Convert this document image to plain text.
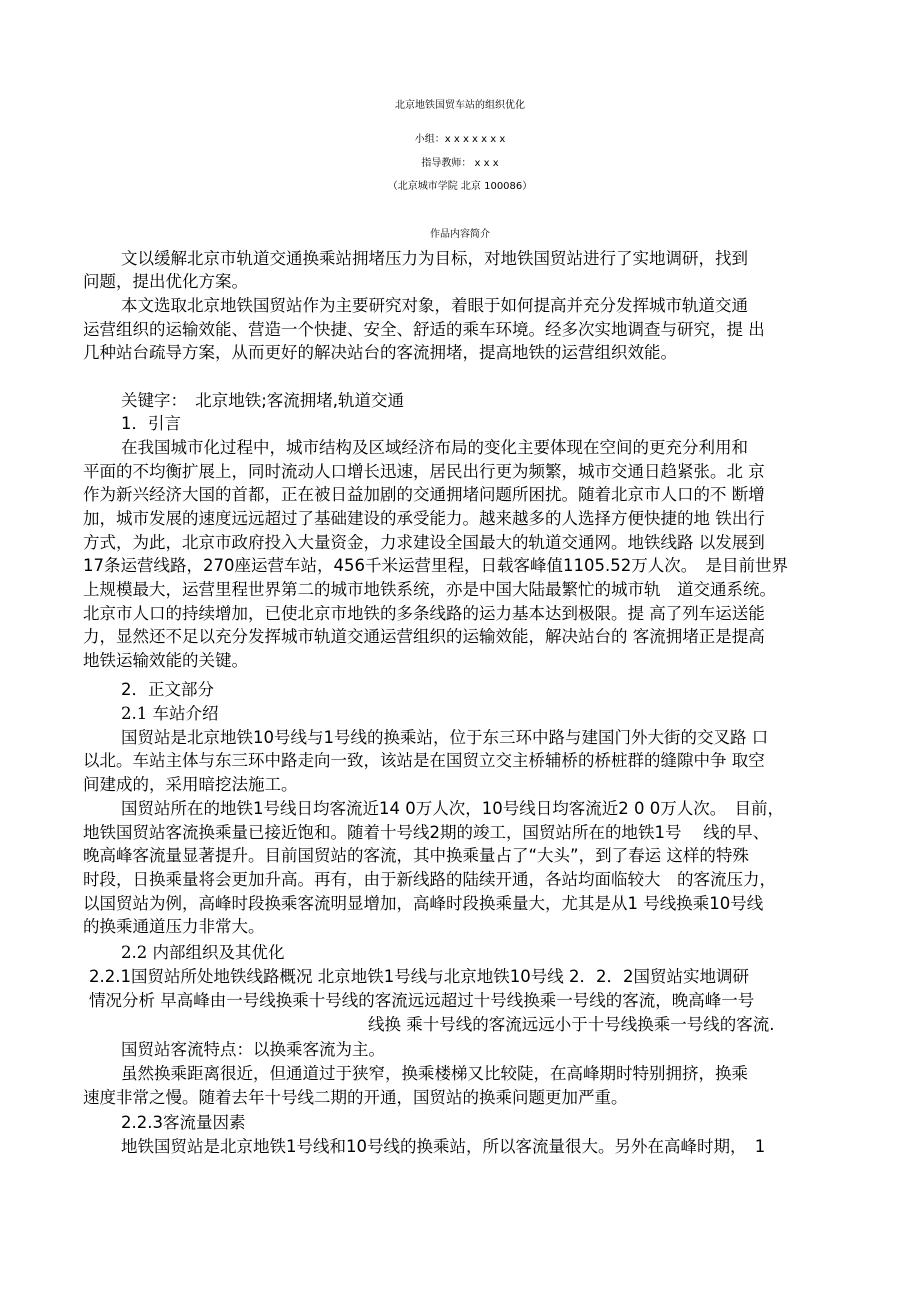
北京地铁国贸车站的组织优化
小组：x x x x x x x
指导教师： x x x
（北京城市学院 北京 100086）
作品内容简介
文以缓解北京市轨道交通换乘站拥堵压力为目标，对地铁国贸站进行了实地调研，找到
问题，提出优化方案。
本文选取北京地铁国贸站作为主要研究对象，着眼于如何提高并充分发挥城市轨道交通
运营组织的运输效能、营造一个快捷、安全、舒适的乘车环境。经多次实地调查与研究，提 出
几种站台疏导方案，从而更好的解决站台的客流拥堵，提高地铁的运营组织效能。
关键字：　北京地铁;客流拥堵,轨道交通
1．引言
在我国城市化过程中，城市结构及区域经济布局的变化主要体现在空间的更充分利用和
平面的不均衡扩展上，同时流动人口增长迅速，居民出行更为频繁，城市交通日趋紧张。北 京
作为新兴经济大国的首都，正在被日益加剧的交通拥堵问题所困扰。随着北京市人口的不 断增
加，城市发展的速度远远超过了基础建设的承受能力。越来越多的人选择方便快捷的地 铁出行
方式，为此，北京市政府投入大量资金，力求建设全国最大的轨道交通网。地铁线路 以发展到
17条运营线路，270座运营车站，456千米运营里程，日载客峰值1105.52万人次。　是目前世界
上规模最大，运营里程世界第二的城市地铁系统，亦是中国大陆最繁忙的城市轨　道交通系统。
北京市人口的持续增加，已使北京市地铁的多条线路的运力基本达到极限。提 高了列车运送能
力，显然还不足以充分发挥城市轨道交通运营组织的运输效能，解决站台的 客流拥堵正是提高
地铁运输效能的关键。
2．正文部分
2.1 车站介绍
国贸站是北京地铁10号线与1号线的换乘站，位于东三环中路与建国门外大街的交叉路 口
以北。车站主体与东三环中路走向一致，该站是在国贸立交主桥辅桥的桥桩群的缝隙中争 取空
间建成的，采用暗挖法施工。
国贸站所在的地铁1号线日均客流近14 0万人次，10号线日均客流近2 0 0万人次。　目前，
地铁国贸站客流换乘量已接近饱和。随着十号线2期的竣工，国贸站所在的地铁1号　 线的早、
晚高峰客流量显著提升。目前国贸站的客流，其中换乘量占了“大头”，到了春运 这样的特殊
时段，日换乘量将会更加升高。再有，由于新线路的陆续开通，各站均面临较大　的客流压力，
以国贸站为例，高峰时段换乘客流明显增加，高峰时段换乘量大，尤其是从1 号线换乘10号线
的换乘通道压力非常大。
2.2 内部组织及其优化
2.2.1国贸站所处地铁线路概况 北京地铁1号线与北京地铁10号线 2．2．2国贸站实地调研
情况分析 早高峰由一号线换乘十号线的客流远远超过十号线换乘一号线的客流，晚高峰一号
线换 乘十号线的客流远远小于十号线换乘一号线的客流.
国贸站客流特点：以换乘客流为主。
虽然换乘距离很近，但通道过于狭窄，换乘楼梯又比较陡，在高峰期时特别拥挤，换乘
速度非常之慢。随着去年十号线二期的开通，国贸站的换乘问题更加严重。
2.2.3客流量因素
地铁国贸站是北京地铁1号线和10号线的换乘站，所以客流量很大。另外在高峰时期，　1
